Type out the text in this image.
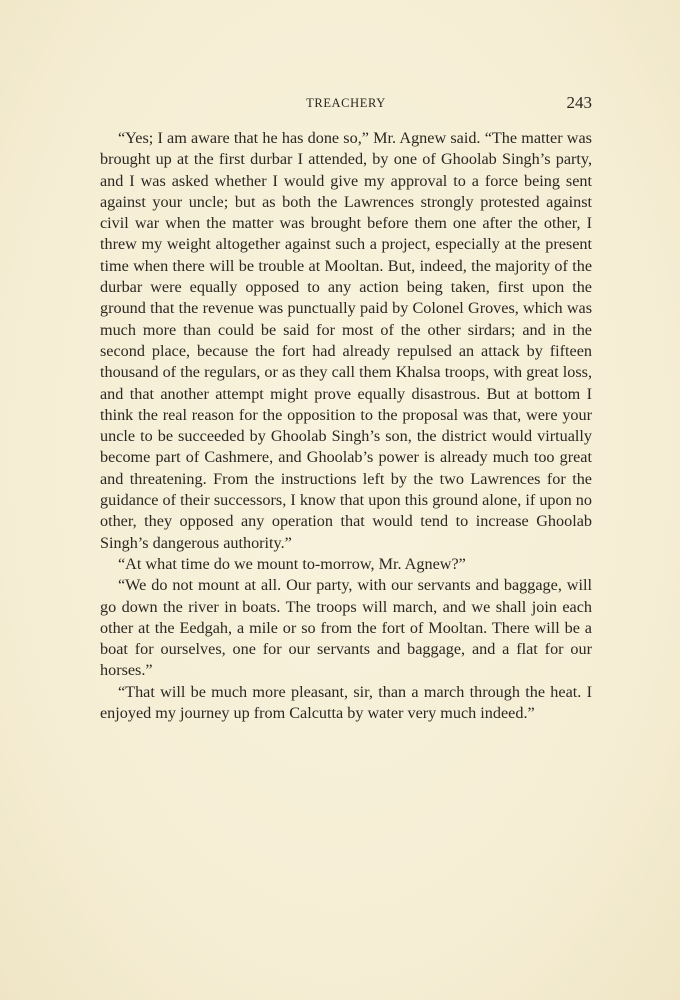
TREACHERY	243

“Yes; I am aware that he has done so,” Mr. Agnew said. “The matter was brought up at the first durbar I attended, by one of Ghoolab Singh’s party, and I was asked whether I would give my approval to a force being sent against your uncle; but as both the Lawrences strongly protested against civil war when the matter was brought before them one after the other, I threw my weight altogether against such a project, especially at the present time when there will be trouble at Mooltan. But, indeed, the majority of the durbar were equally opposed to any action being taken, first upon the ground that the revenue was punctually paid by Colonel Groves, which was much more than could be said for most of the other sirdars; and in the second place, because the fort had already repulsed an attack by fifteen thousand of the regulars, or as they call them Khalsa troops, with great loss, and that another attempt might prove equally disastrous. But at bottom I think the real reason for the opposition to the proposal was that, were your uncle to be succeeded by Ghoolab Singh’s son, the district would virtually become part of Cashmere, and Ghoolab’s power is already much too great and threatening. From the instructions left by the two Lawrences for the guidance of their successors, I know that upon this ground alone, if upon no other, they opposed any operation that would tend to increase Ghoolab Singh’s dangerous authority.”

“At what time do we mount to-morrow, Mr. Agnew?”

“We do not mount at all. Our party, with our servants and baggage, will go down the river in boats. The troops will march, and we shall join each other at the Eedgah, a mile or so from the fort of Mooltan. There will be a boat for ourselves, one for our servants and baggage, and a flat for our horses.”

“That will be much more pleasant, sir, than a march through the heat. I enjoyed my journey up from Calcutta by water very much indeed.”
